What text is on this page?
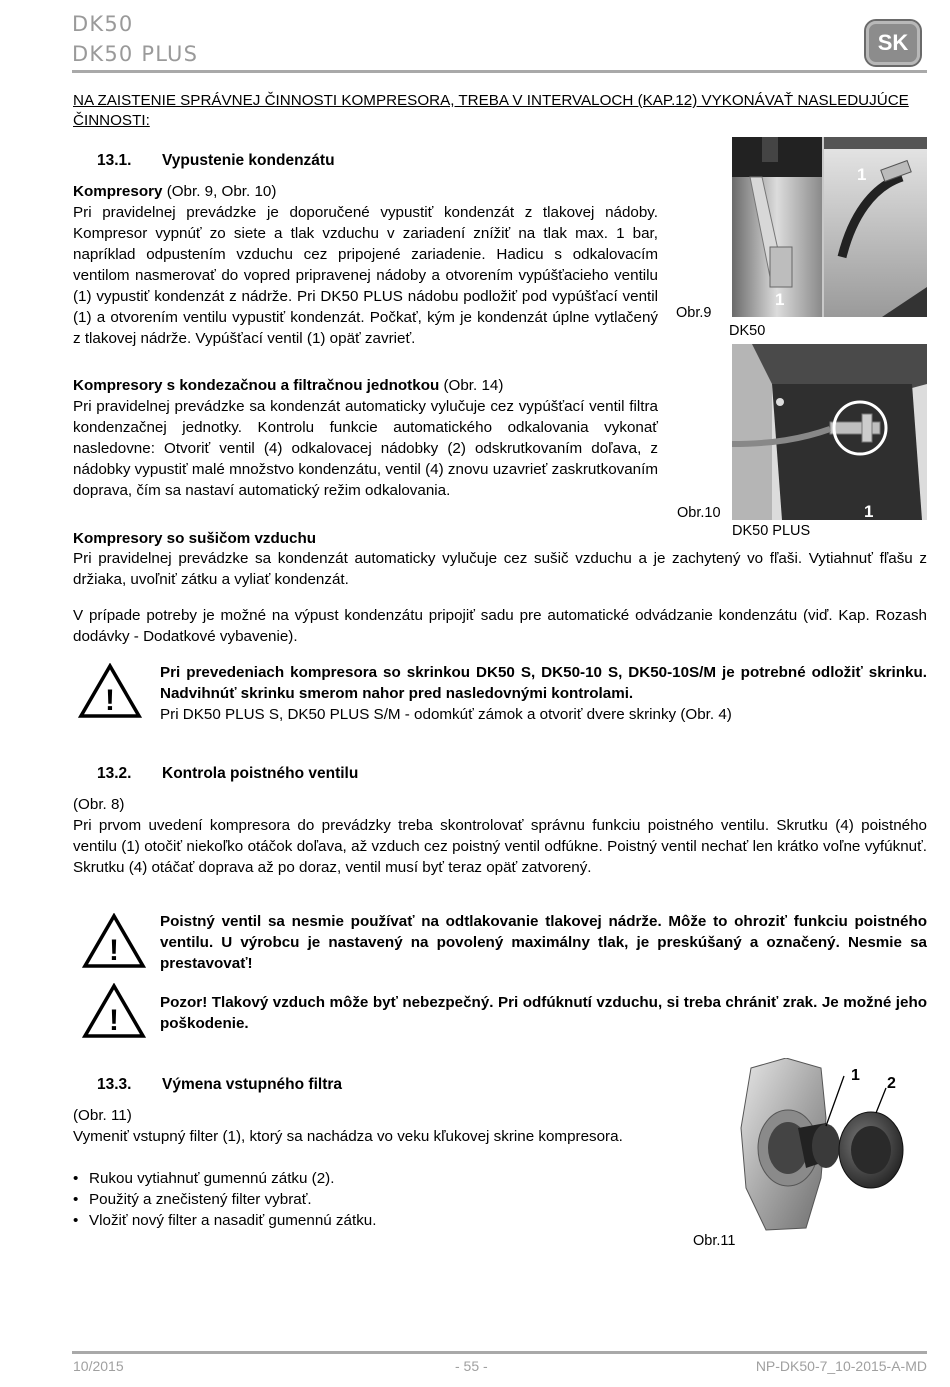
DK50
DK50 PLUS	SK
NA ZAISTENIE SPRÁVNEJ ČINNOSTI KOMPRESORA, TREBA V INTERVALOCH (KAP.12) VYKONÁVAŤ NASLEDUJÚCE ČINNOSTI:
13.1. Vypustenie kondenzátu
Kompresory (Obr. 9, Obr. 10)
Pri pravidelnej prevádzke je doporučené vypustiť kondenzát z tlakovej nádoby. Kompresor vypnúť zo siete a tlak vzduchu v zariadení znížiť na tlak max. 1 bar, napríklad odpustením vzduchu cez pripojené zariadenie. Hadicu s odkalovacím ventilom nasmerovať do vopred pripravenej nádoby a otvorením vypúšťacieho ventilu (1) vypustiť kondenzát z nádrže. Pri DK50 PLUS nádobu podložiť pod vypúšťací ventil (1) a otvorením ventilu vypustiť kondenzát. Počkať, kým je kondenzát úplne vytlačený z tlakovej nádrže. Vypúšťací ventil (1) opäť zavrieť.
Kompresory s kondezačnou a filtračnou jednotkou (Obr. 14)
Pri pravidelnej prevádzke sa kondenzát automaticky vylučuje cez vypúšťací ventil filtra kondenzačnej jednotky. Kontrolu funkcie automatického odkalovania vykonať nasledovne: Otvoriť ventil (4) odkalovacej nádobky (2) odskrutkovaním doľava, z nádobky vypustiť malé množstvo kondenzátu, ventil (4) znovu uzavrieť zaskrutkovaním doprava, čím sa nastaví automatický režim odkalovania.
Kompresory so sušičom vzduchu
Pri pravidelnej prevádzke sa kondenzát automaticky vylučuje cez sušič vzduchu a je zachytený vo fľaši. Vytiahnuť fľašu z držiaka, uvoľniť zátku a vyliať kondenzát.
V prípade potreby je možné na výpust kondenzátu pripojiť sadu pre automatické odvádzanie kondenzátu (viď. Kap. Rozash dodávky - Dodatkové vybavenie).
!
Pri prevedeniach kompresora so skrinkou DK50 S, DK50-10 S, DK50-10S/M je potrebné odložiť skrinku. Nadvihnúť skrinku smerom nahor pred nasledovnými kontrolami.
Pri DK50 PLUS S, DK50 PLUS S/M - odomkúť zámok a otvoriť dvere skrinky (Obr. 4)
1
1
Obr.9
DK50
1
Obr.10
DK50 PLUS
13.2. Kontrola poistného ventilu
(Obr. 8)
Pri prvom uvedení kompresora do prevádzky treba skontrolovať správnu funkciu poistného ventilu. Skrutku (4) poistného ventilu (1) otočiť niekoľko otáčok doľava, až vzduch cez poistný ventil odfúkne. Poistný ventil nechať len krátko voľne vyfúknuť. Skrutku (4) otáčať doprava až po doraz, ventil musí byť teraz opäť zatvorený.
!
Poistný ventil sa nesmie používať na odtlakovanie tlakovej nádrže. Môže to ohroziť funkciu poistného ventilu. U výrobcu je nastavený na povolený maximálny tlak, je preskúšaný a označený. Nesmie sa prestavovať!
!
Pozor! Tlakový vzduch môže byť nebezpečný. Pri odfúknutí vzduchu, si treba chrániť zrak. Je možné jeho poškodenie.
13.3. Výmena vstupného filtra
(Obr. 11)
Vymeniť vstupný filter (1), ktorý sa nachádza vo veku kľukovej skrine kompresora.
• Rukou vytiahnuť gumennú zátku (2).
• Použitý a znečistený filter vybrať.
• Vložiť nový filter a nasadiť gumennú zátku.
1 2
Obr.11
10/2015	- 55 -	NP-DK50-7_10-2015-A-MD
